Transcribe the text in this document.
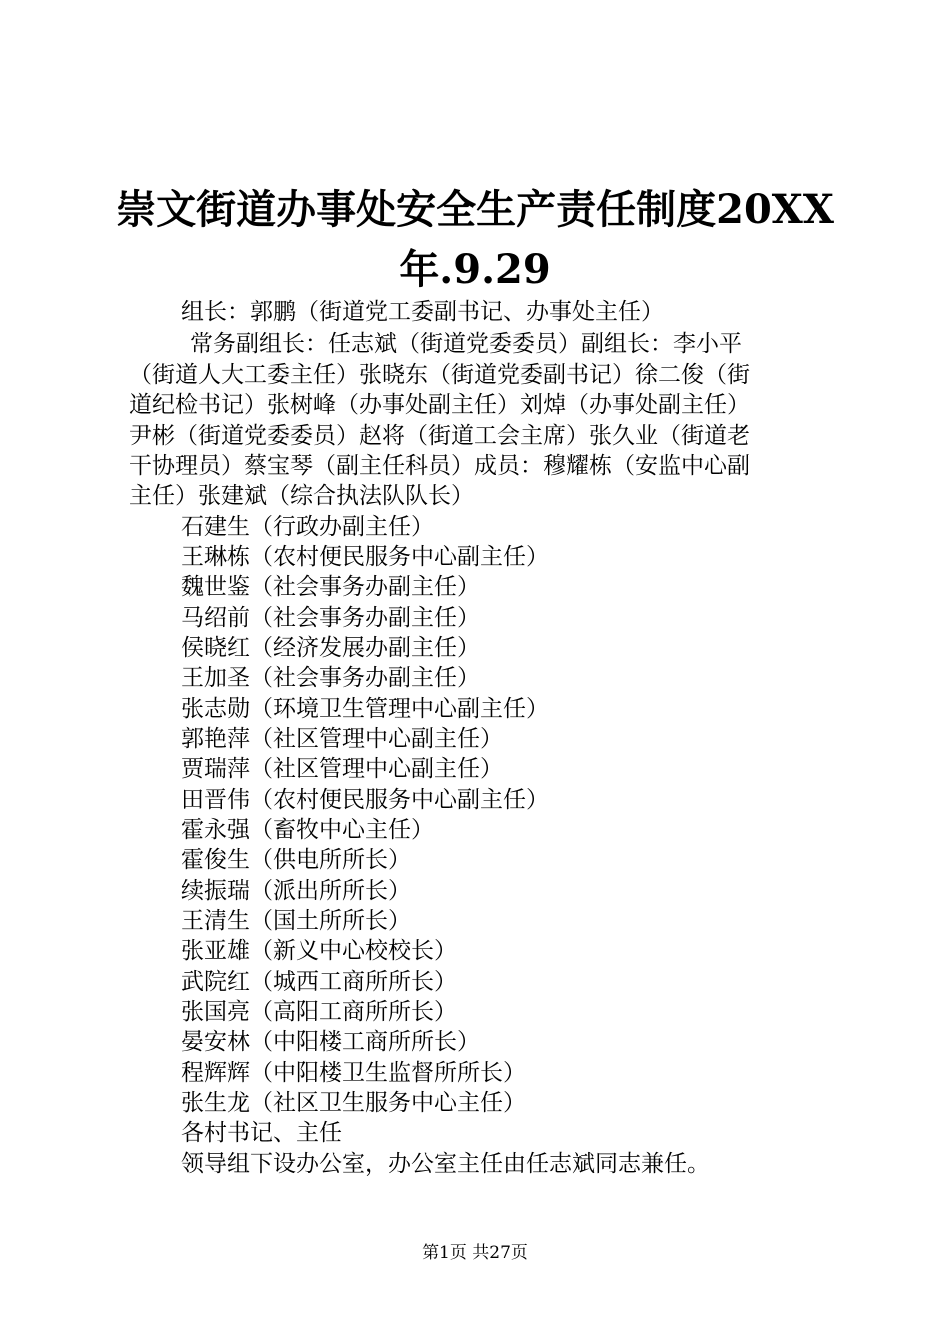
崇文街道办事处安全生产责任制度20XX
年.9.29
组长：郭鹏（街道党工委副书记、办事处主任）
常务副组长：任志斌（街道党委委员）副组长：李小平
（街道人大工委主任）张晓东（街道党委副书记）徐二俊（街
道纪检书记）张树峰（办事处副主任）刘焯（办事处副主任）
尹彬（街道党委委员）赵将（街道工会主席）张久业（街道老
干协理员）蔡宝琴（副主任科员）成员：穆耀栋（安监中心副
主任）张建斌（综合执法队队长）
石建生（行政办副主任）
王琳栋（农村便民服务中心副主任）
魏世鉴（社会事务办副主任）
马绍前（社会事务办副主任）
侯晓红（经济发展办副主任）
王加圣（社会事务办副主任）
张志勋（环境卫生管理中心副主任）
郭艳萍（社区管理中心副主任）
贾瑞萍（社区管理中心副主任）
田晋伟（农村便民服务中心副主任）
霍永强（畜牧中心主任）
霍俊生（供电所所长）
续振瑞（派出所所长）
王清生（国土所所长）
张亚雄（新义中心校校长）
武院红（城西工商所所长）
张国亮（高阳工商所所长）
晏安林（中阳楼工商所所长）
程辉辉（中阳楼卫生监督所所长）
张生龙（社区卫生服务中心主任）
各村书记、主任
领导组下设办公室，办公室主任由任志斌同志兼任。
第1页 共27页
